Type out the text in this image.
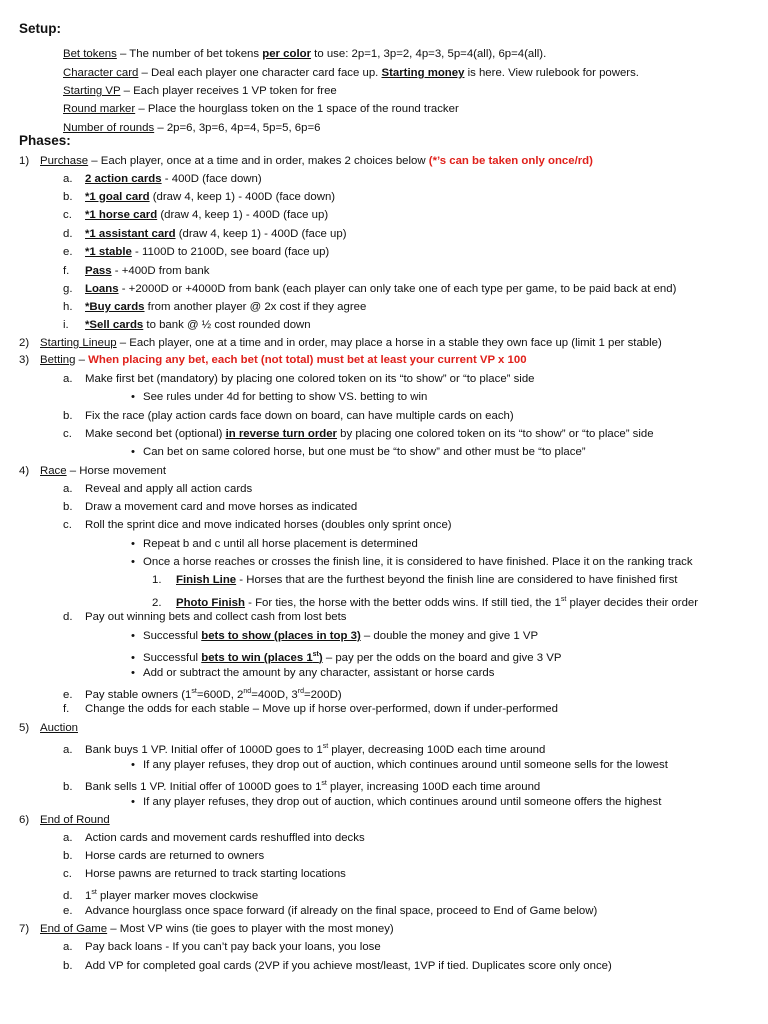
Setup:
Bet tokens – The number of bet tokens per color to use: 2p=1, 3p=2, 4p=3, 5p=4(all), 6p=4(all).
Character card – Deal each player one character card face up. Starting money is here. View rulebook for powers.
Starting VP – Each player receives 1 VP token for free
Round marker – Place the hourglass token on the 1 space of the round tracker
Number of rounds – 2p=6, 3p=6, 4p=4, 5p=5, 6p=6
Phases:
1) Purchase – Each player, once at a time and in order, makes 2 choices below (*’s can be taken only once/rd)
a. 2 action cards - 400D (face down)
b. *1 goal card (draw 4, keep 1) - 400D (face down)
c. *1 horse card (draw 4, keep 1) - 400D (face up)
d. *1 assistant card (draw 4, keep 1) - 400D (face up)
e. *1 stable - 1100D to 2100D, see board (face up)
f. Pass - +400D from bank
g. Loans - +2000D or +4000D from bank (each player can only take one of each type per game, to be paid back at end)
h. *Buy cards from another player @ 2x cost if they agree
i. *Sell cards to bank @ ½ cost rounded down
2) Starting Lineup – Each player, one at a time and in order, may place a horse in a stable they own face up (limit 1 per stable)
3) Betting – When placing any bet, each bet (not total) must bet at least your current VP x 100
a. Make first bet (mandatory) by placing one colored token on its “to show” or “to place” side
• See rules under 4d for betting to show VS. betting to win
b. Fix the race (play action cards face down on board, can have multiple cards on each)
c. Make second bet (optional) in reverse turn order by placing one colored token on its “to show” or “to place” side
• Can bet on same colored horse, but one must be “to show” and other must be “to place”
4) Race – Horse movement
a. Reveal and apply all action cards
b. Draw a movement card and move horses as indicated
c. Roll the sprint dice and move indicated horses (doubles only sprint once)
• Repeat b and c until all horse placement is determined
• Once a horse reaches or crosses the finish line, it is considered to have finished. Place it on the ranking track
1. Finish Line - Horses that are the furthest beyond the finish line are considered to have finished first
2. Photo Finish - For ties, the horse with the better odds wins. If still tied, the 1st player decides their order
d. Pay out winning bets and collect cash from lost bets
• Successful bets to show (places in top 3) – double the money and give 1 VP
• Successful bets to win (places 1st) – pay per the odds on the board and give 3 VP
• Add or subtract the amount by any character, assistant or horse cards
e. Pay stable owners (1st=600D, 2nd=400D, 3rd=200D)
f. Change the odds for each stable – Move up if horse over-performed, down if under-performed
5) Auction
a. Bank buys 1 VP. Initial offer of 1000D goes to 1st player, decreasing 100D each time around
• If any player refuses, they drop out of auction, which continues around until someone sells for the lowest
b. Bank sells 1 VP. Initial offer of 1000D goes to 1st player, increasing 100D each time around
• If any player refuses, they drop out of auction, which continues around until someone offers the highest
6) End of Round
a. Action cards and movement cards reshuffled into decks
b. Horse cards are returned to owners
c. Horse pawns are returned to track starting locations
d. 1st player marker moves clockwise
e. Advance hourglass once space forward (if already on the final space, proceed to End of Game below)
7) End of Game – Most VP wins (tie goes to player with the most money)
a. Pay back loans - If you can’t pay back your loans, you lose
b. Add VP for completed goal cards (2VP if you achieve most/least, 1VP if tied. Duplicates score only once)
